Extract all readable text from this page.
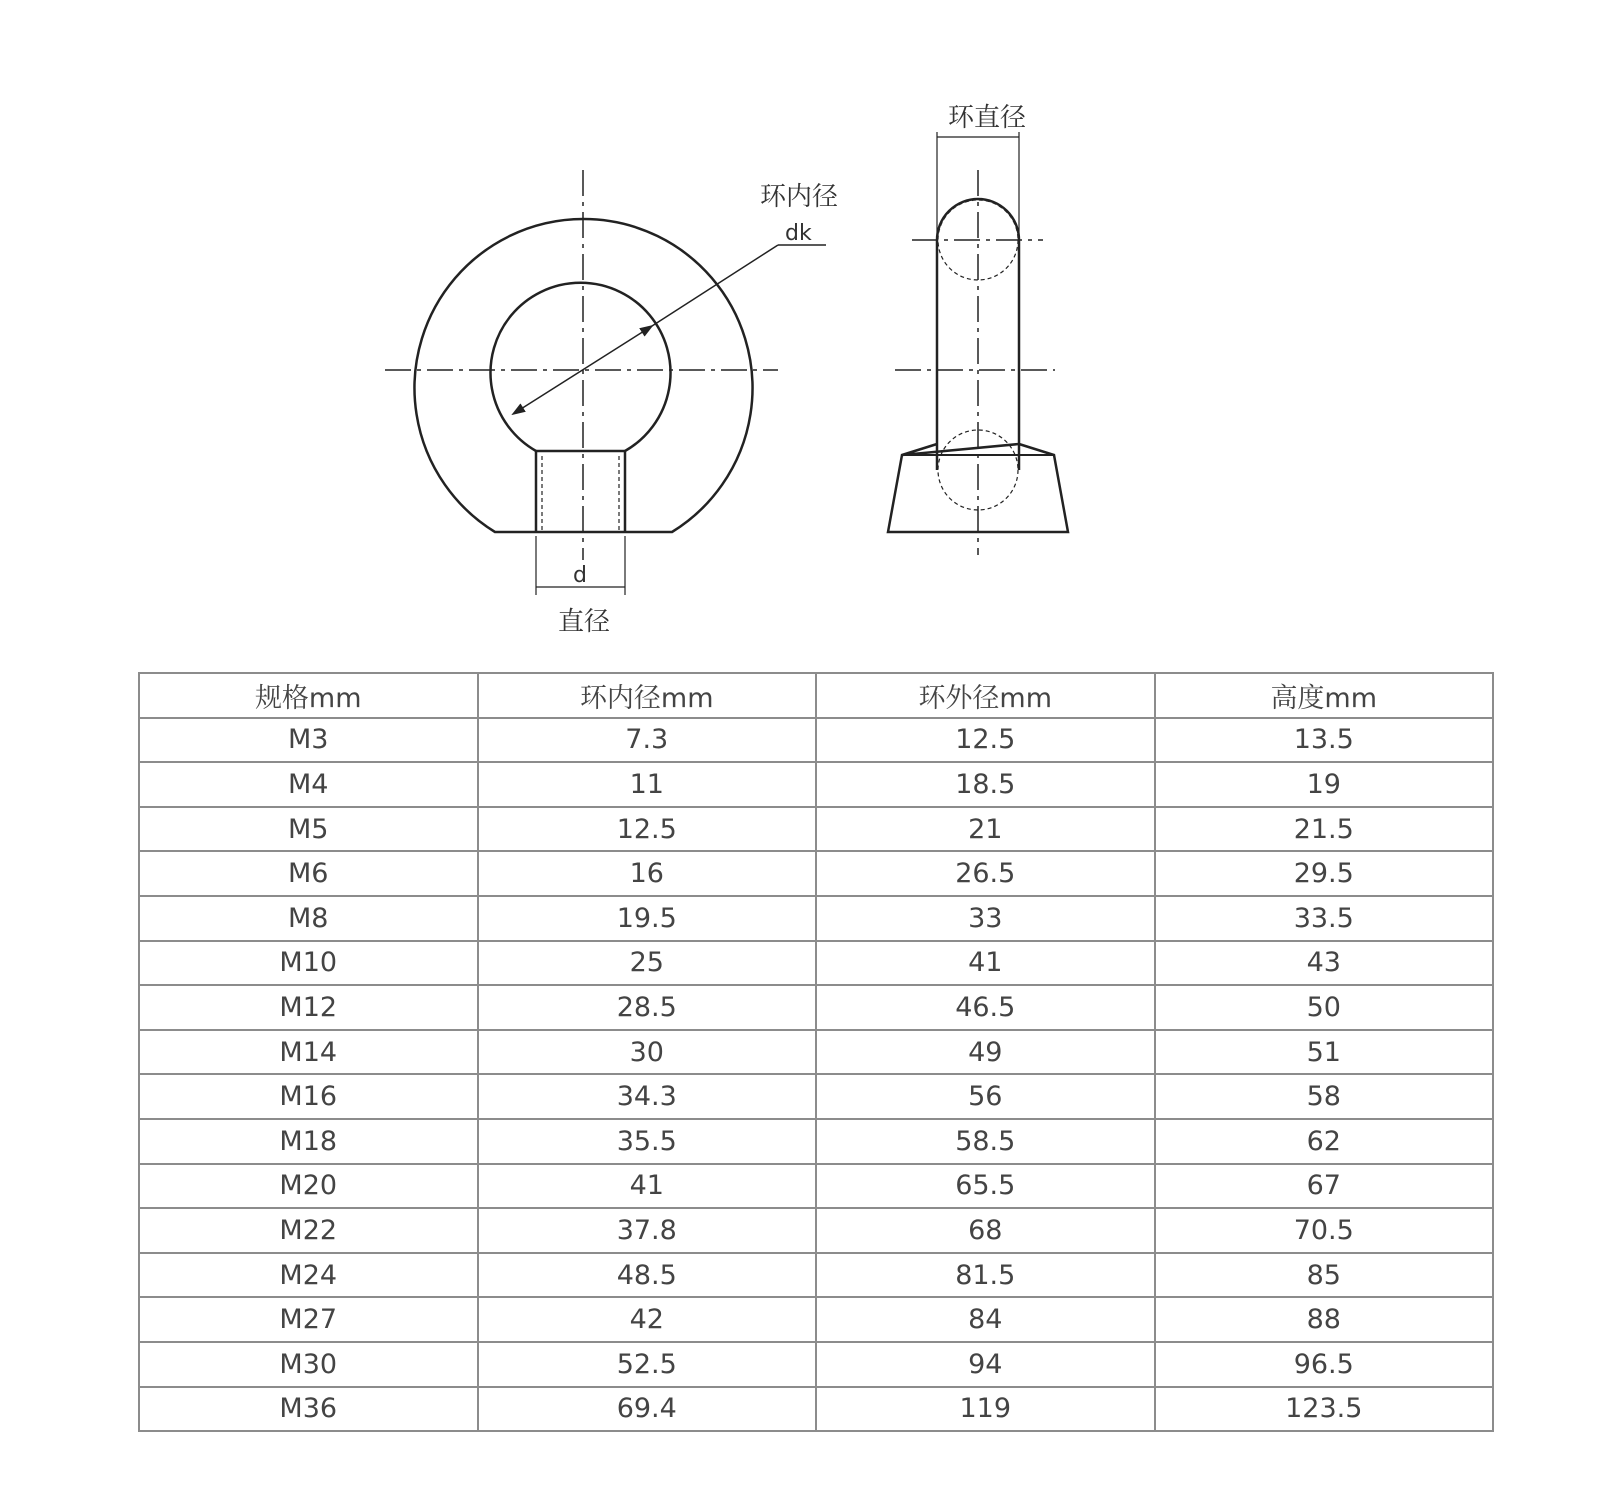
环内径
dk
d
直径
环直径
规格mm	环内径mm	环外径mm	高度mm
M3	7.3	12.5	13.5
M4	11	18.5	19
M5	12.5	21	21.5
M6	16	26.5	29.5
M8	19.5	33	33.5
M10	25	41	43
M12	28.5	46.5	50
M14	30	49	51
M16	34.3	56	58
M18	35.5	58.5	62
M20	41	65.5	67
M22	37.8	68	70.5
M24	48.5	81.5	85
M27	42	84	88
M30	52.5	94	96.5
M36	69.4	119	123.5
